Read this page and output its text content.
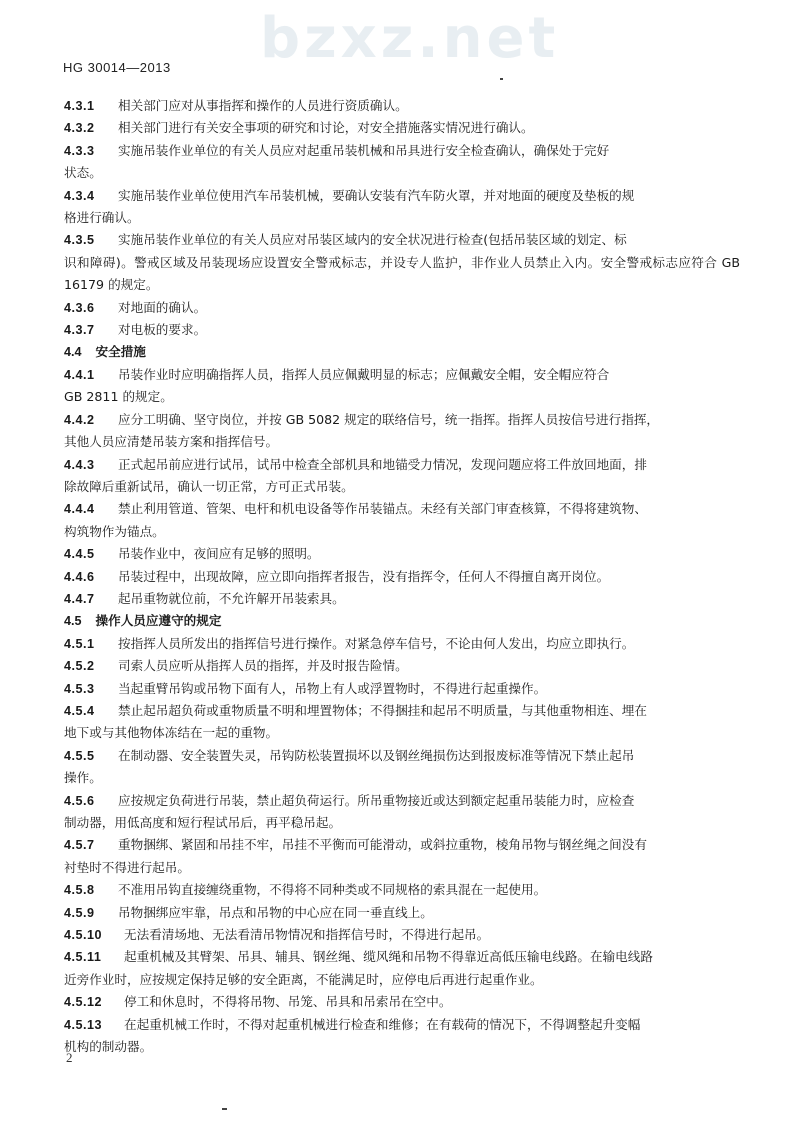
bzxz.net
HG 30014—2013
4.3.1 相关部门应对从事指挥和操作的人员进行资质确认。
4.3.2 相关部门进行有关安全事项的研究和讨论，对安全措施落实情况进行确认。
4.3.3 实施吊装作业单位的有关人员应对起重吊装机械和吊具进行安全检查确认，确保处于完好
状态。
4.3.4 实施吊装作业单位使用汽车吊装机械，要确认安装有汽车防火罩，并对地面的硬度及垫板的规
格进行确认。
4.3.5 实施吊装作业单位的有关人员应对吊装区域内的安全状况进行检查(包括吊装区域的划定、标
识和障碍)。警戒区域及吊装现场应设置安全警戒标志，并设专人监护，非作业人员禁止入内。安全警戒标志应符合 GB 16179 的规定。
4.3.6 对地面的确认。
4.3.7 对电板的要求。
4.4 安全措施
4.4.1 吊装作业时应明确指挥人员，指挥人员应佩戴明显的标志；应佩戴安全帽，安全帽应符合
GB 2811 的规定。
4.4.2 应分工明确、坚守岗位，并按 GB 5082 规定的联络信号，统一指挥。指挥人员按信号进行指挥，
其他人员应清楚吊装方案和指挥信号。
4.4.3 正式起吊前应进行试吊，试吊中检查全部机具和地锚受力情况，发现问题应将工件放回地面，排
除故障后重新试吊，确认一切正常，方可正式吊装。
4.4.4 禁止利用管道、管架、电杆和机电设备等作吊装锚点。未经有关部门审查核算，不得将建筑物、
构筑物作为锚点。
4.4.5 吊装作业中，夜间应有足够的照明。
4.4.6 吊装过程中，出现故障，应立即向指挥者报告，没有指挥令，任何人不得擅自离开岗位。
4.4.7 起吊重物就位前，不允许解开吊装索具。
4.5 操作人员应遵守的规定
4.5.1 按指挥人员所发出的指挥信号进行操作。对紧急停车信号，不论由何人发出，均应立即执行。
4.5.2 司索人员应听从指挥人员的指挥，并及时报告险情。
4.5.3 当起重臂吊钩或吊物下面有人，吊物上有人或浮置物时，不得进行起重操作。
4.5.4 禁止起吊超负荷或重物质量不明和埋置物体；不得捆挂和起吊不明质量，与其他重物相连、埋在
地下或与其他物体冻结在一起的重物。
4.5.5 在制动器、安全装置失灵，吊钩防松装置损坏以及钢丝绳损伤达到报废标准等情况下禁止起吊
操作。
4.5.6 应按规定负荷进行吊装，禁止超负荷运行。所吊重物接近或达到额定起重吊装能力时，应检查
制动器，用低高度和短行程试吊后，再平稳吊起。
4.5.7 重物捆绑、紧固和吊挂不牢，吊挂不平衡而可能滑动，或斜拉重物，棱角吊物与钢丝绳之间没有
衬垫时不得进行起吊。
4.5.8 不准用吊钩直接缠绕重物，不得将不同种类或不同规格的索具混在一起使用。
4.5.9 吊物捆绑应牢靠，吊点和吊物的中心应在同一垂直线上。
4.5.10 无法看清场地、无法看清吊物情况和指挥信号时，不得进行起吊。
4.5.11 起重机械及其臂架、吊具、辅具、钢丝绳、缆风绳和吊物不得靠近高低压输电线路。在输电线路
近旁作业时，应按规定保持足够的安全距离，不能满足时，应停电后再进行起重作业。
4.5.12 停工和休息时，不得将吊物、吊笼、吊具和吊索吊在空中。
4.5.13 在起重机械工作时，不得对起重机械进行检查和维修；在有载荷的情况下，不得调整起升变幅
机构的制动器。
2
